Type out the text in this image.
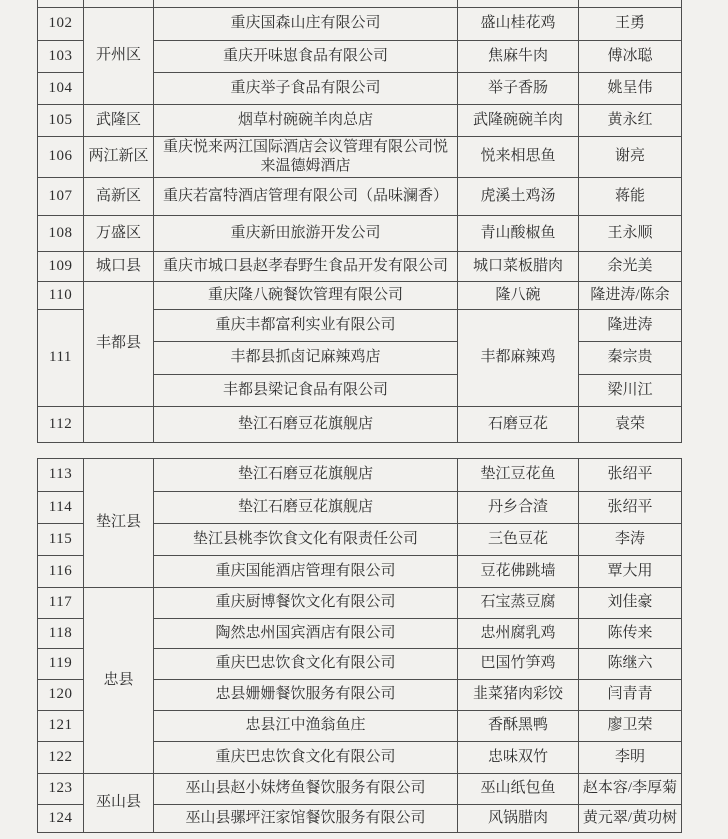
102	开州区	重庆国森山庄有限公司	盛山桂花鸡	王勇
103		重庆开味崽食品有限公司	焦麻牛肉	傅冰聪
104		重庆举子食品有限公司	举子香肠	姚呈伟
105	武隆区	烟草村碗碗羊肉总店	武隆碗碗羊肉	黄永红
106	两江新区	重庆悦来两江国际酒店会议管理有限公司悦来温德姆酒店	悦来相思鱼	谢亮
107	高新区	重庆若富特酒店管理有限公司（品味澜香）	虎溪土鸡汤	蒋能
108	万盛区	重庆新田旅游开发公司	青山酸椒鱼	王永顺
109	城口县	重庆市城口县赵孝春野生食品开发有限公司	城口菜板腊肉	余光美
110	丰都县	重庆隆八碗餐饮管理有限公司	隆八碗	隆进涛/陈余
111		重庆丰都富利实业有限公司	丰都麻辣鸡	隆进涛
		丰都县抓卤记麻辣鸡店		秦宗贵
		丰都县梁记食品有限公司		梁川江
112		垫江石磨豆花旗舰店	石磨豆花	袁荣
113	垫江县	垫江石磨豆花旗舰店	垫江豆花鱼	张绍平
114		垫江石磨豆花旗舰店	丹乡合渣	张绍平
115		垫江县桃李饮食文化有限责任公司	三色豆花	李涛
116		重庆国能酒店管理有限公司	豆花佛跳墙	覃大用
117	忠县	重庆厨博餐饮文化有限公司	石宝蒸豆腐	刘佳豪
118		陶然忠州国宾酒店有限公司	忠州腐乳鸡	陈传来
119		重庆巴忠饮食文化有限公司	巴国竹笋鸡	陈继六
120		忠县姗姗餐饮服务有限公司	韭菜猪肉彩饺	闫青青
121		忠县江中渔翁鱼庄	香酥黑鸭	廖卫荣
122		重庆巴忠饮食文化有限公司	忠味双竹	李明
123	巫山县	巫山县赵小妹烤鱼餐饮服务有限公司	巫山纸包鱼	赵本容/李厚菊
124		巫山县骡坪汪家馆餐饮服务有限公司	风锅腊肉	黄元翠/黄功树
